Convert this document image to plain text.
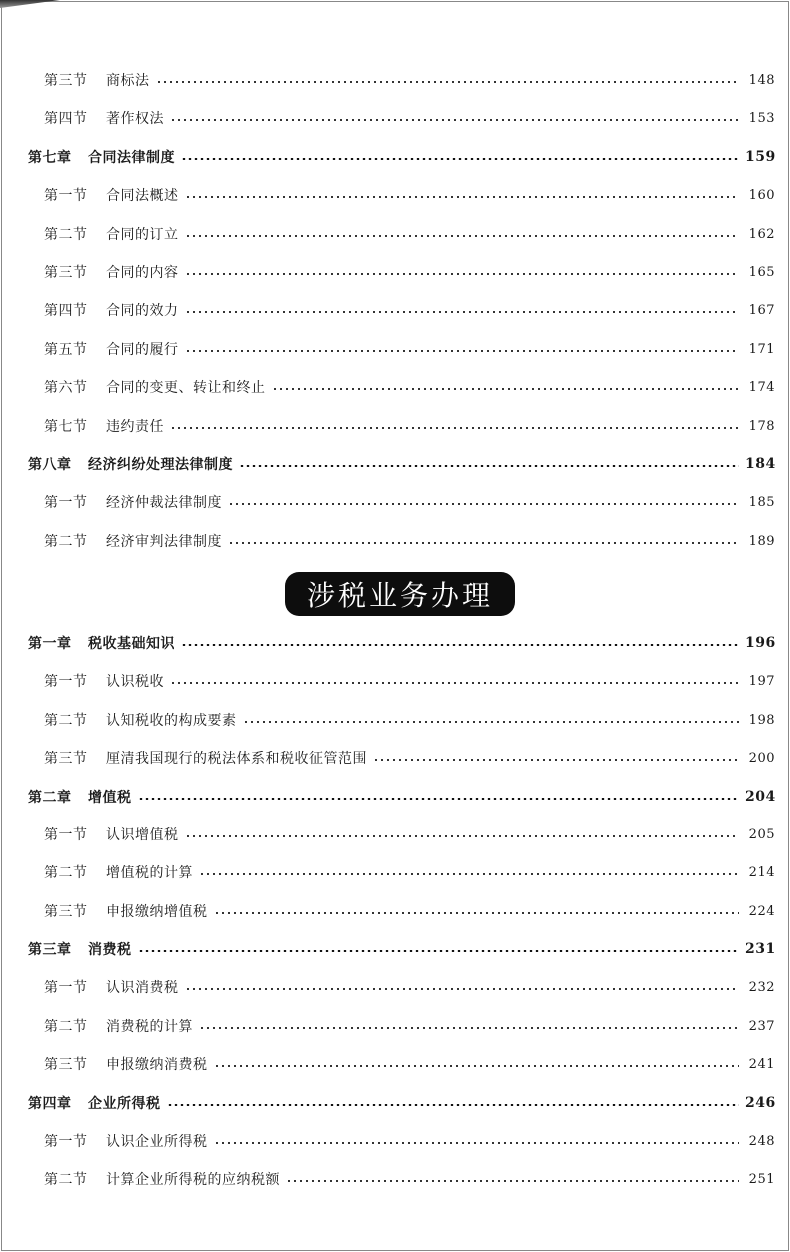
第三节	商标法	148
第四节	著作权法	153
第七章	合同法律制度	159
第一节	合同法概述	160
第二节	合同的订立	162
第三节	合同的内容	165
第四节	合同的效力	167
第五节	合同的履行	171
第六节	合同的变更、转让和终止	174
第七节	违约责任	178
第八章	经济纠纷处理法律制度	184
第一节	经济仲裁法律制度	185
第二节	经济审判法律制度	189
第一章	税收基础知识	196
第一节	认识税收	197
第二节	认知税收的构成要素	198
第三节	厘清我国现行的税法体系和税收征管范围	200
第二章	增值税	204
第一节	认识增值税	205
第二节	增值税的计算	214
第三节	申报缴纳增值税	224
第三章	消费税	231
第一节	认识消费税	232
第二节	消费税的计算	237
第三节	申报缴纳消费税	241
第四章	企业所得税	246
第一节	认识企业所得税	248
第二节	计算企业所得税的应纳税额	251
涉税业务办理
